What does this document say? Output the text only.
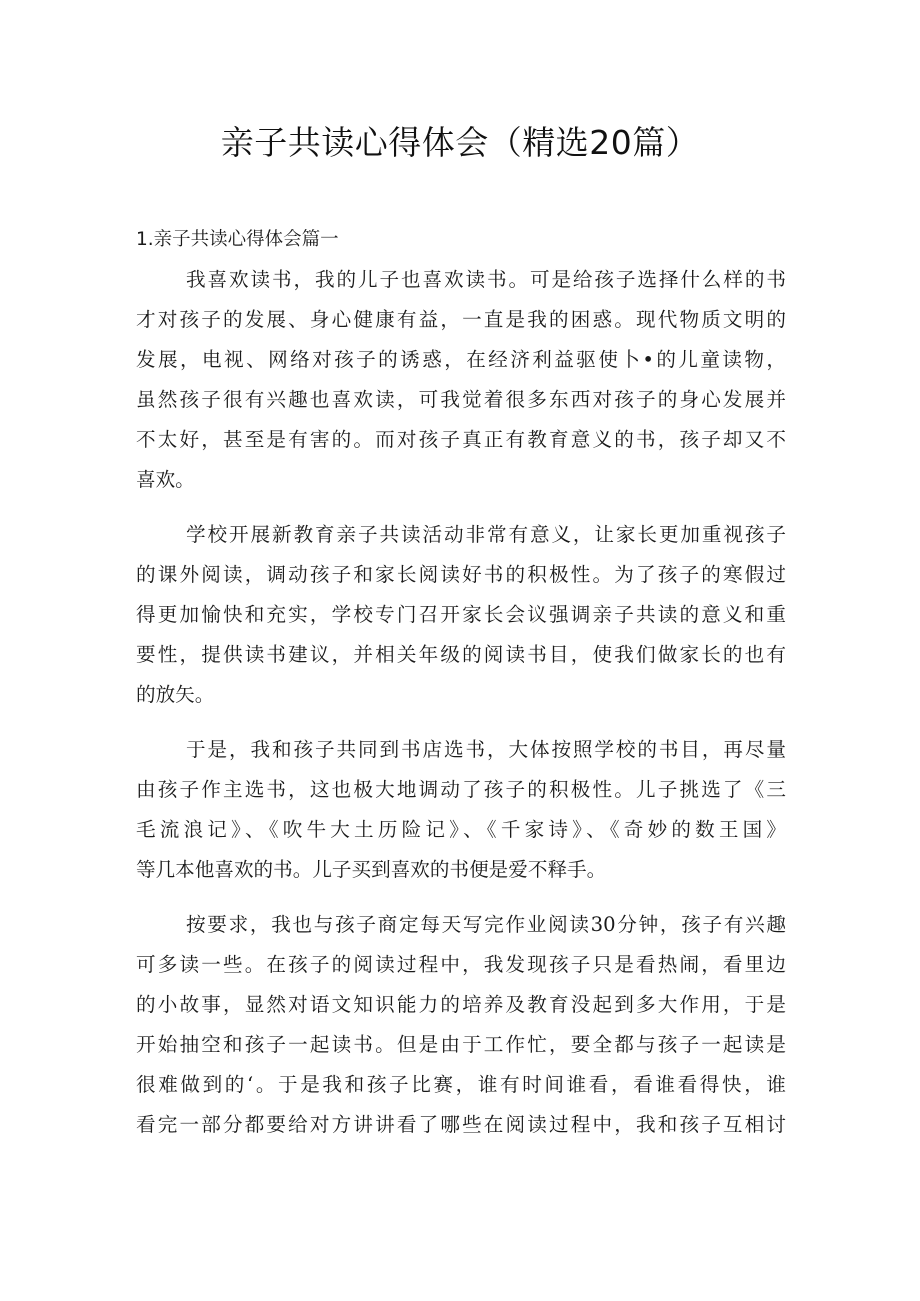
亲子共读心得体会（精选20篇）
1.亲子共读心得体会篇一
我喜欢读书，我的儿子也喜欢读书。可是给孩子选择什么样的书
才对孩子的发展、身心健康有益，一直是我的困惑。现代物质文明的
发展，电视、网络对孩子的诱惑，在经济利益驱使卜•的儿童读物，
虽然孩子很有兴趣也喜欢读，可我觉着很多东西对孩子的身心发展并
不太好，甚至是有害的。而对孩子真正有教育意义的书，孩子却又不
喜欢。
学校开展新教育亲子共读活动非常有意义，让家长更加重视孩子
的课外阅读，调动孩子和家长阅读好书的积极性。为了孩子的寒假过
得更加愉快和充实，学校专门召开家长会议强调亲子共读的意义和重
要性，提供读书建议，并相关年级的阅读书目，使我们做家长的也有
的放矢。
于是，我和孩子共同到书店选书，大体按照学校的书目，再尽量
由孩子作主选书，这也极大地调动了孩子的积极性。儿子挑选了《三
毛流浪记》、《吹牛大土历险记》、《千家诗》、《奇妙的数王国》
等几本他喜欢的书。儿子买到喜欢的书便是爱不释手。
按要求，我也与孩子商定每天写完作业阅读30分钟，孩子有兴趣
可多读一些。在孩子的阅读过程中，我发现孩子只是看热闹，看里边
的小故事，显然对语文知识能力的培养及教育没起到多大作用，于是
开始抽空和孩子一起读书。但是由于工作忙，要全都与孩子一起读是
很难做到的‘。于是我和孩子比赛，谁有时间谁看，看谁看得快，谁
看完一部分都要给对方讲讲看了哪些在阅读过程中，我和孩子互相讨
